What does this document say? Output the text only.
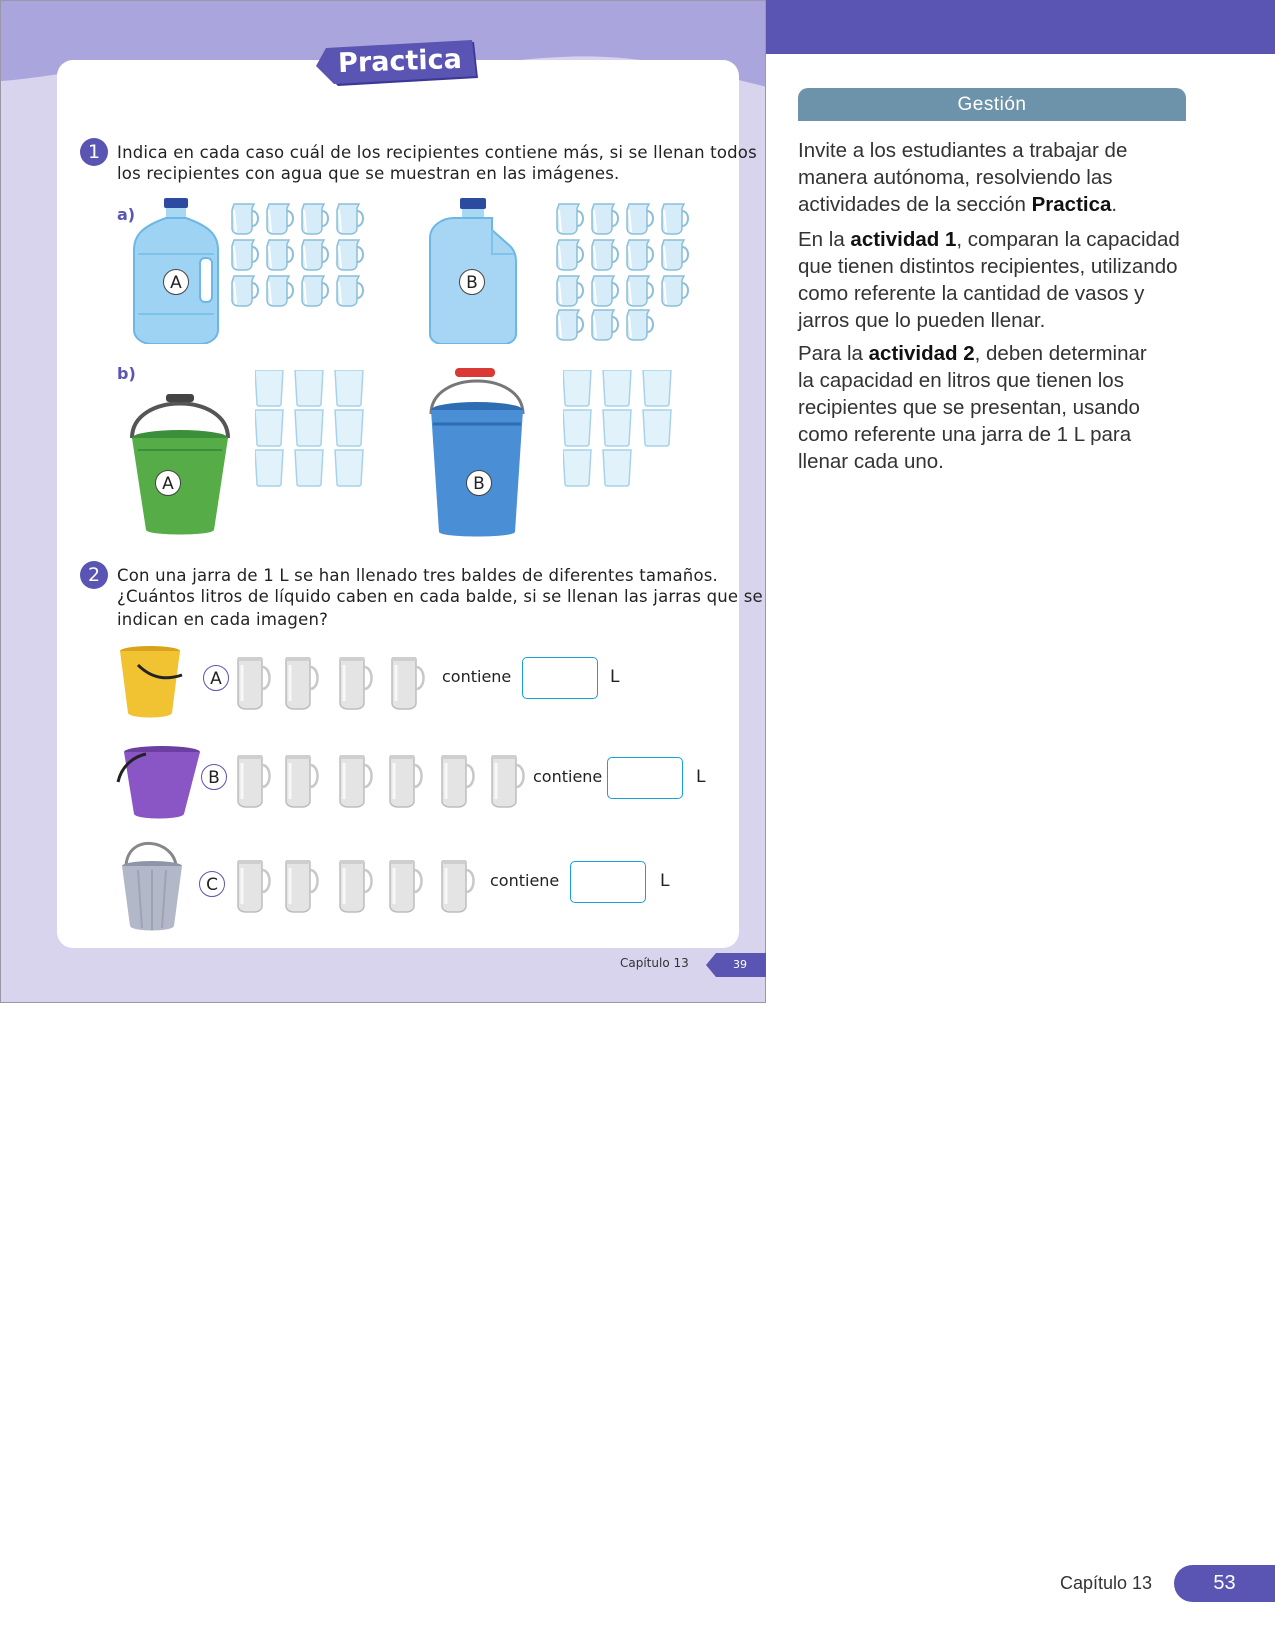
Practica
1	Indica en cada caso cuál de los recipientes contiene más, si se llenan todos
los recipientes con agua que se muestran en las imágenes.
a)
b)
A	B
A	B
2	Con una jarra de 1 L se han llenado tres baldes de diferentes tamaños.
¿Cuántos litros de líquido caben en cada balde, si se llenan las jarras que se
indican en cada imagen?
A	contiene	L
B	contiene	L
C	contiene	L
Capítulo 13	39
Gestión
Invite a los estudiantes a trabajar de manera autónoma, resolviendo las actividades de la sección Practica.
En la actividad 1, comparan la capacidad que tienen distintos recipientes, utilizando como referente la cantidad de vasos y jarros que lo pueden llenar.
Para la actividad 2, deben determinar la capacidad en litros que tienen los recipientes que se presentan, usando como referente una jarra de 1 L para llenar cada uno.
Capítulo 13	53
